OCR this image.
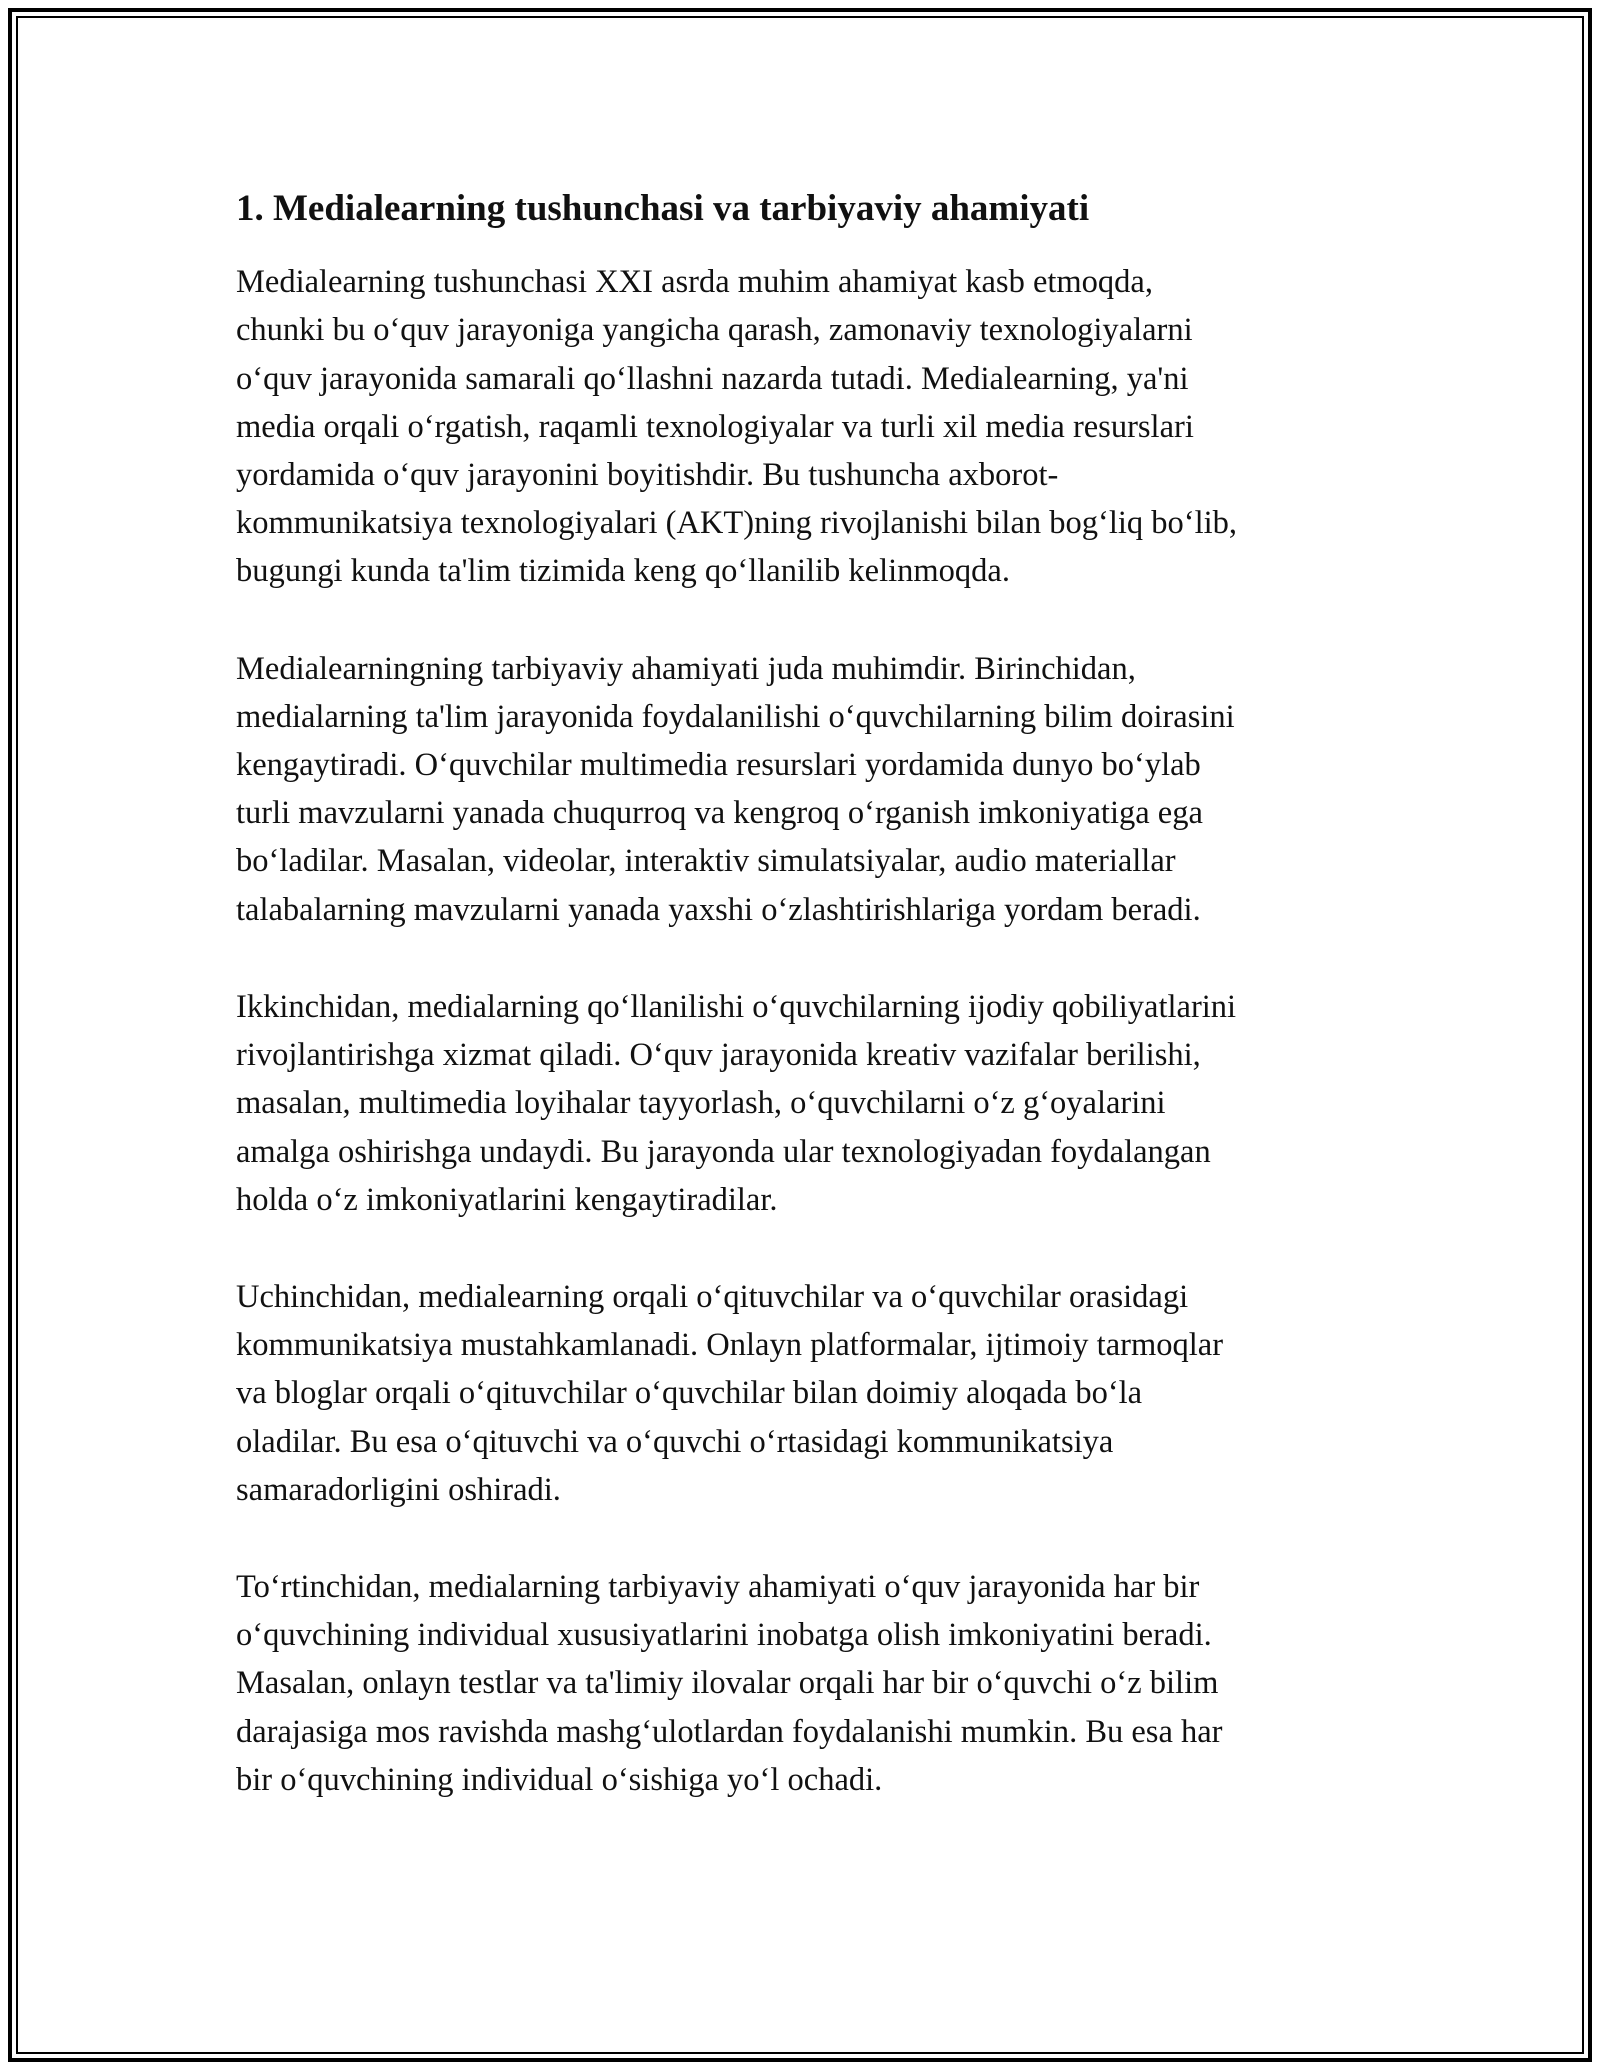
1. Medialearning tushunchasi va tarbiyaviy ahamiyati

Medialearning tushunchasi XXI asrda muhim ahamiyat kasb etmoqda,
chunki bu o‘quv jarayoniga yangicha qarash, zamonaviy texnologiyalarni
o‘quv jarayonida samarali qo‘llashni nazarda tutadi. Medialearning, ya'ni
media orqali o‘rgatish, raqamli texnologiyalar va turli xil media resurslari
yordamida o‘quv jarayonini boyitishdir. Bu tushuncha axborot-
kommunikatsiya texnologiyalari (AKT)ning rivojlanishi bilan bog‘liq bo‘lib,
bugungi kunda ta'lim tizimida keng qo‘llanilib kelinmoqda.

Medialearningning tarbiyaviy ahamiyati juda muhimdir. Birinchidan,
medialarning ta'lim jarayonida foydalanilishi o‘quvchilarning bilim doirasini
kengaytiradi. O‘quvchilar multimedia resurslari yordamida dunyo bo‘ylab
turli mavzularni yanada chuqurroq va kengroq o‘rganish imkoniyatiga ega
bo‘ladilar. Masalan, videolar, interaktiv simulatsiyalar, audio materiallar
talabalarning mavzularni yanada yaxshi o‘zlashtirishlariga yordam beradi.

Ikkinchidan, medialarning qo‘llanilishi o‘quvchilarning ijodiy qobiliyatlarini
rivojlantirishga xizmat qiladi. O‘quv jarayonida kreativ vazifalar berilishi,
masalan, multimedia loyihalar tayyorlash, o‘quvchilarni o‘z g‘oyalarini
amalga oshirishga undaydi. Bu jarayonda ular texnologiyadan foydalangan
holda o‘z imkoniyatlarini kengaytiradilar.

Uchinchidan, medialearning orqali o‘qituvchilar va o‘quvchilar orasidagi
kommunikatsiya mustahkamlanadi. Onlayn platformalar, ijtimoiy tarmoqlar
va bloglar orqali o‘qituvchilar o‘quvchilar bilan doimiy aloqada bo‘la
oladilar. Bu esa o‘qituvchi va o‘quvchi o‘rtasidagi kommunikatsiya
samaradorligini oshiradi.

To‘rtinchidan, medialarning tarbiyaviy ahamiyati o‘quv jarayonida har bir
o‘quvchining individual xususiyatlarini inobatga olish imkoniyatini beradi.
Masalan, onlayn testlar va ta'limiy ilovalar orqali har bir o‘quvchi o‘z bilim
darajasiga mos ravishda mashg‘ulotlardan foydalanishi mumkin. Bu esa har
bir o‘quvchining individual o‘sishiga yo‘l ochadi.
